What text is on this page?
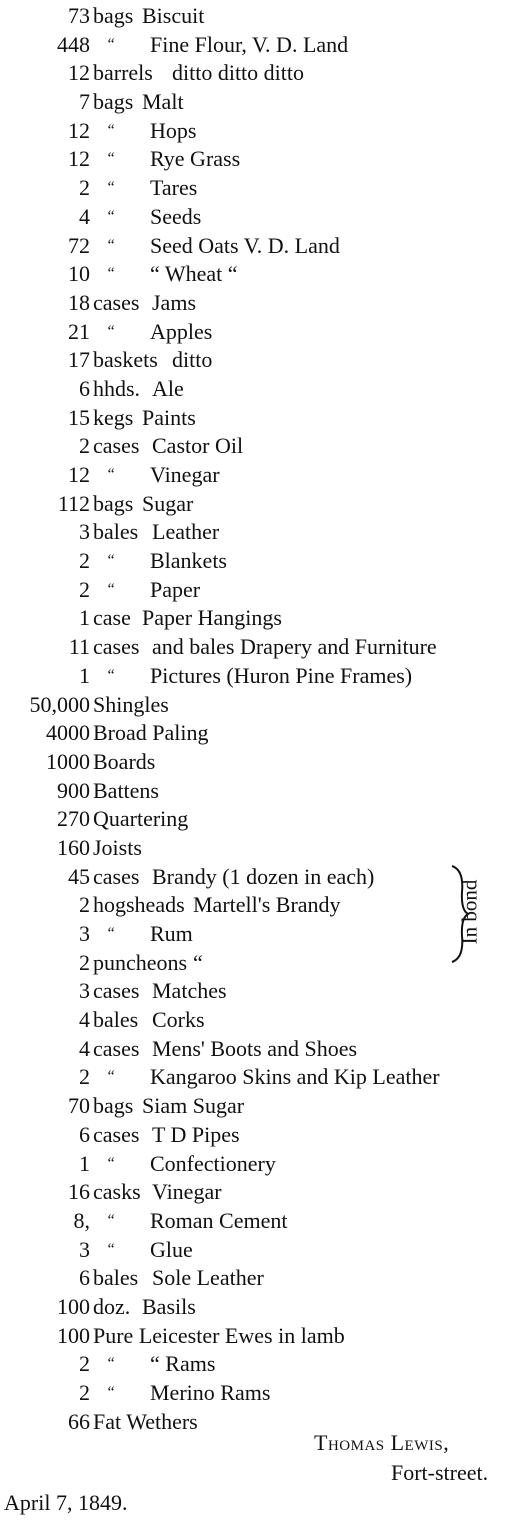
73 bags Biscuit
448 “ Fine Flour, V. D. Land
12 barrels ditto ditto ditto
7 bags Malt
12 “ Hops
12 “ Rye Grass
2 “ Tares
4 “ Seeds
72 “ Seed Oats V. D. Land
10 “ “ Wheat “
18 cases Jams
21 “ Apples
17 baskets ditto
6 hhds. Ale
15 kegs Paints
2 cases Castor Oil
12 “ Vinegar
112 bags Sugar
3 bales Leather
2 “ Blankets
2 “ Paper
1 case Paper Hangings
11 cases and bales Drapery and Furniture
1 “ Pictures (Huron Pine Frames)
50,000 Shingles
4000 Broad Paling
1000 Boards
900 Battens
270 Quartering
160 Joists
45 cases Brandy (1 dozen in each)
2 hogsheads Martell's Brandy
3 “ Rum
2 puncheons “
3 cases Matches
4 bales Corks
4 cases Mens' Boots and Shoes
2 “ Kangaroo Skins and Kip Leather
70 bags Siam Sugar
6 cases T D Pipes
1 “ Confectionery
16 casks Vinegar
8, “ Roman Cement
3 “ Glue
6 bales Sole Leather
100 doz. Basils
100 Pure Leicester Ewes in lamb
2 “ “ Rams
2 “ Merino Rams
66 Fat Wethers
In bond
Thomas Lewis,
Fort-street.
April 7, 1849.
